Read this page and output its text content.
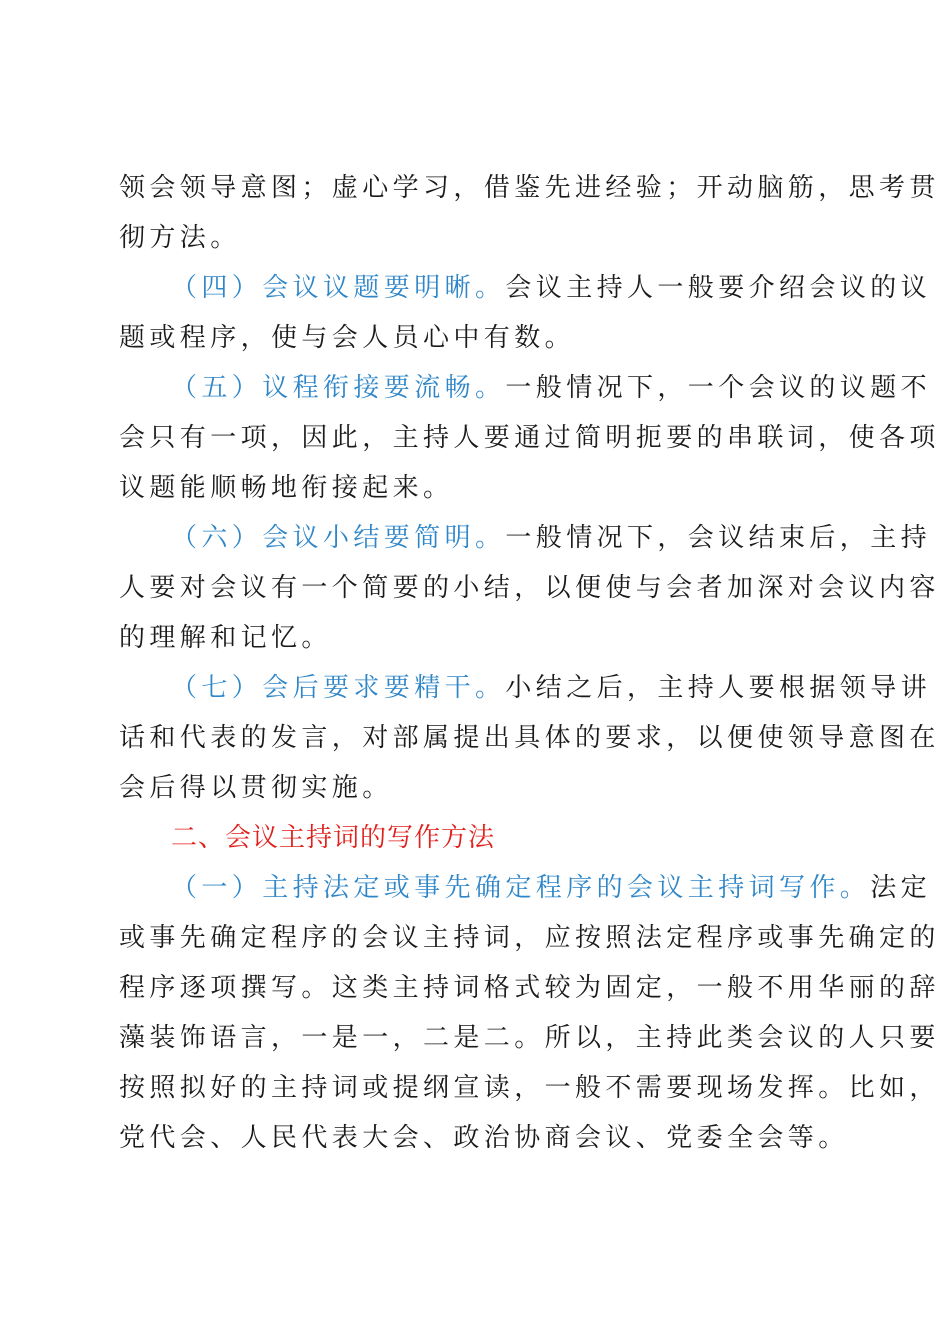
领会领导意图；虚心学习，借鉴先进经验；开动脑筋，思考贯
彻方法。
（四）会议议题要明晰。会议主持人一般要介绍会议的议
题或程序，使与会人员心中有数。
（五）议程衔接要流畅。一般情况下，一个会议的议题不
会只有一项，因此，主持人要通过简明扼要的串联词，使各项
议题能顺畅地衔接起来。
（六）会议小结要简明。一般情况下，会议结束后，主持
人要对会议有一个简要的小结，以便使与会者加深对会议内容
的理解和记忆。
（七）会后要求要精干。小结之后，主持人要根据领导讲
话和代表的发言，对部属提出具体的要求，以便使领导意图在
会后得以贯彻实施。
二、会议主持词的写作方法
（一）主持法定或事先确定程序的会议主持词写作。法定
或事先确定程序的会议主持词，应按照法定程序或事先确定的
程序逐项撰写。这类主持词格式较为固定，一般不用华丽的辞
藻装饰语言，一是一，二是二。所以，主持此类会议的人只要
按照拟好的主持词或提纲宣读，一般不需要现场发挥。比如，
党代会、人民代表大会、政治协商会议、党委全会等。
